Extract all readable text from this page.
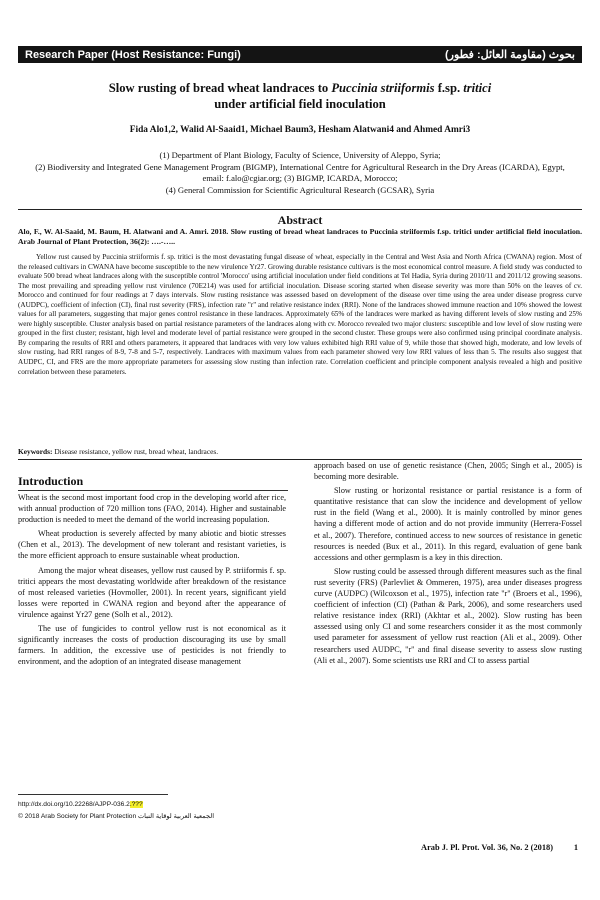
Research Paper (Host Resistance: Fungi)	بحوث (مقاومة العائل: فطور)
Slow rusting of bread wheat landraces to Puccinia striiformis f.sp. tritici
under artificial field inoculation
Fida Alo1,2, Walid Al-Saaid1, Michael Baum3, Hesham Alatwani4 and Ahmed Amri3
(1) Department of Plant Biology, Faculty of Science, University of Aleppo, Syria;
(2) Biodiversity and Integrated Gene Management Program (BIGMP), International Centre for Agricultural Research in the Dry Areas (ICARDA), Egypt, email: f.alo@cgiar.org; (3) BIGMP, ICARDA, Morocco;
(4) General Commission for Scientific Agricultural Research (GCSAR), Syria
Abstract
Alo, F., W. Al-Saaid, M. Baum, H. Alatwani and A. Amri. 2018. Slow rusting of bread wheat landraces to Puccinia striiformis f.sp. tritici under artificial field inoculation. Arab Journal of Plant Protection, 36(2): ….-…..
Yellow rust caused by Puccinia striiformis f. sp. tritici is the most devastating fungal disease of wheat, especially in the Central and West Asia and North Africa (CWANA) region. Most of the released cultivars in CWANA have become susceptible to the new virulence Yr27. Growing durable resistance cultivars is the most economical control measure. A field study was conducted to evaluate 500 bread wheat landraces along with the susceptible control 'Morocco' using artificial inoculation under field conditions at Tel Hadia, Syria during 2010/11 and 2011/12 growing seasons. The most prevailing and spreading yellow rust virulence (70E214) was used for artificial inoculation. Disease scoring started when disease severity was more than 50% on the leaves of cv. Morocco and continued for four readings at 7 days intervals. Slow rusting resistance was assessed based on development of the disease over time using the area under disease progress curve (AUDPC), coefficient of infection (CI), final rust severity (FRS), infection rate "r" and relative resistance index (RRI). None of the landraces showed immune reaction and 10% showed the lowest values for all parameters, suggesting that major genes control resistance in these landraces. Approximately 65% of the landraces were marked as having different levels of slow rusting and 25% were highly susceptible. Cluster analysis based on partial resistance parameters of the landraces along with cv. Morocco revealed two major clusters: susceptible and low level of slow rusting were grouped in the first cluster; resistant, high level and moderate level of partial resistance were grouped in the second cluster. These groups were also confirmed using principal coordinate analysis. By comparing the results of RRI and others parameters, it appeared that landraces with very low values exhibited high RRI value of 9, while those that showed high, moderate, and low levels of slow rusting, had RRI ranges of 8-9, 7-8 and 5-7, respectively. Landraces with maximum values from each parameter showed very low RRI values of less than 5. The results also suggest that AUDPC, CI, and FRS are the more appropriate parameters for assessing slow rusting than infection rate. Correlation coefficient and principle component analysis revealed a high and positive correlation between these parameters.
Keywords: Disease resistance, yellow rust, bread wheat, landraces.
Introduction

Wheat is the second most important food crop in the developing world after rice, with annual production of 720 million tons (FAO, 2014). Higher and sustainable production is needed to meet the demand of the world increasing population.

Wheat production is severely affected by many abiotic and biotic stresses (Chen et al., 2013). The development of new tolerant and resistant varieties, is the more efficient approach to ensure sustainable wheat production.

Among the major wheat diseases, yellow rust caused by P. striiformis f. sp. tritici appears the most devastating worldwide after breakdown of the resistance of most released varieties (Hovmoller, 2001). In recent years, significant yield losses were reported in CWANA region and beyond after the appearance of virulence against Yr27 gene (Solh et al., 2012).

The use of fungicides to control yellow rust is not economical as it significantly increases the costs of production discouraging its use by small farmers. In addition, the excessive use of pesticides is not friendly to environment, and the adoption of an integrated disease management

approach based on use of genetic resistance (Chen, 2005; Singh et al., 2005) is becoming more desirable.

Slow rusting or horizontal resistance or partial resistance is a form of quantitative resistance that can slow the incidence and development of yellow rust in the field (Wang et al., 2000). It is mainly controlled by minor genes having a different mode of action and do not provide immunity (Herrera-Fossel et al., 2007). Therefore, continued access to new sources of resistance in genetic resources is needed (Bux et al., 2011). In this regard, evaluation of gene bank accessions and other germplasm is a key in this direction.

Slow rusting could be assessed through different measures such as the final rust severity (FRS) (Parlevliet & Ommeren, 1975), area under diseases progress curve (AUDPC) (Wilcoxson et al., 1975), infection rate "r" (Broers et al., 1996), coefficient of infection (CI) (Pathan & Park, 2006), and some researchers used relative resistance index (RRI) (Akhtar et al., 2002). Slow rusting has been assessed using only CI and some researchers consider it as the most commonly used parameter for assessment of yellow rust reaction (Ali et al., 2009). Other researchers used AUDPC, "r" and final disease severity to assess slow rusting (Ali et al., 2007). Some scientists use RRI and CI to assess partial

http://dx.doi.org/10.22268/AJPP-036.2.???
© 2018 Arab Society for Plant Protection الجمعية العربية لوقاية النبات
Arab J. Pl. Prot. Vol. 36, No. 2 (2018) 1
